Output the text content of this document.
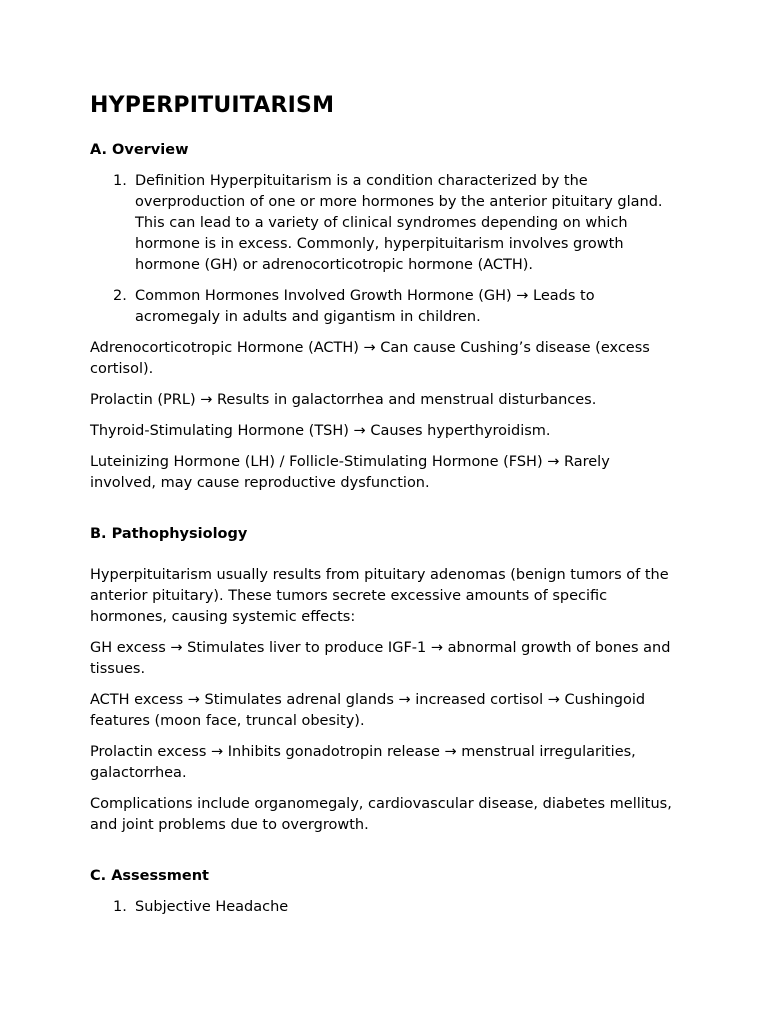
HYPERPITUITARISM
A. Overview
1. Definition Hyperpituitarism is a condition characterized by the overproduction of one or more hormones by the anterior pituitary gland. This can lead to a variety of clinical syndromes depending on which hormone is in excess. Commonly, hyperpituitarism involves growth hormone (GH) or adrenocorticotropic hormone (ACTH).
2. Common Hormones Involved Growth Hormone (GH) → Leads to acromegaly in adults and gigantism in children.

Adrenocorticotropic Hormone (ACTH) → Can cause Cushing’s disease (excess cortisol).

Prolactin (PRL) → Results in galactorrhea and menstrual disturbances.

Thyroid-Stimulating Hormone (TSH) → Causes hyperthyroidism.

Luteinizing Hormone (LH) / Follicle-Stimulating Hormone (FSH) → Rarely involved, may cause reproductive dysfunction.

B. Pathophysiology

Hyperpituitarism usually results from pituitary adenomas (benign tumors of the anterior pituitary). These tumors secrete excessive amounts of specific hormones, causing systemic effects:

GH excess → Stimulates liver to produce IGF-1 → abnormal growth of bones and tissues.

ACTH excess → Stimulates adrenal glands → increased cortisol → Cushingoid features (moon face, truncal obesity).

Prolactin excess → Inhibits gonadotropin release → menstrual irregularities, galactorrhea.

Complications include organomegaly, cardiovascular disease, diabetes mellitus, and joint problems due to overgrowth.

C. Assessment
1. Subjective Headache
